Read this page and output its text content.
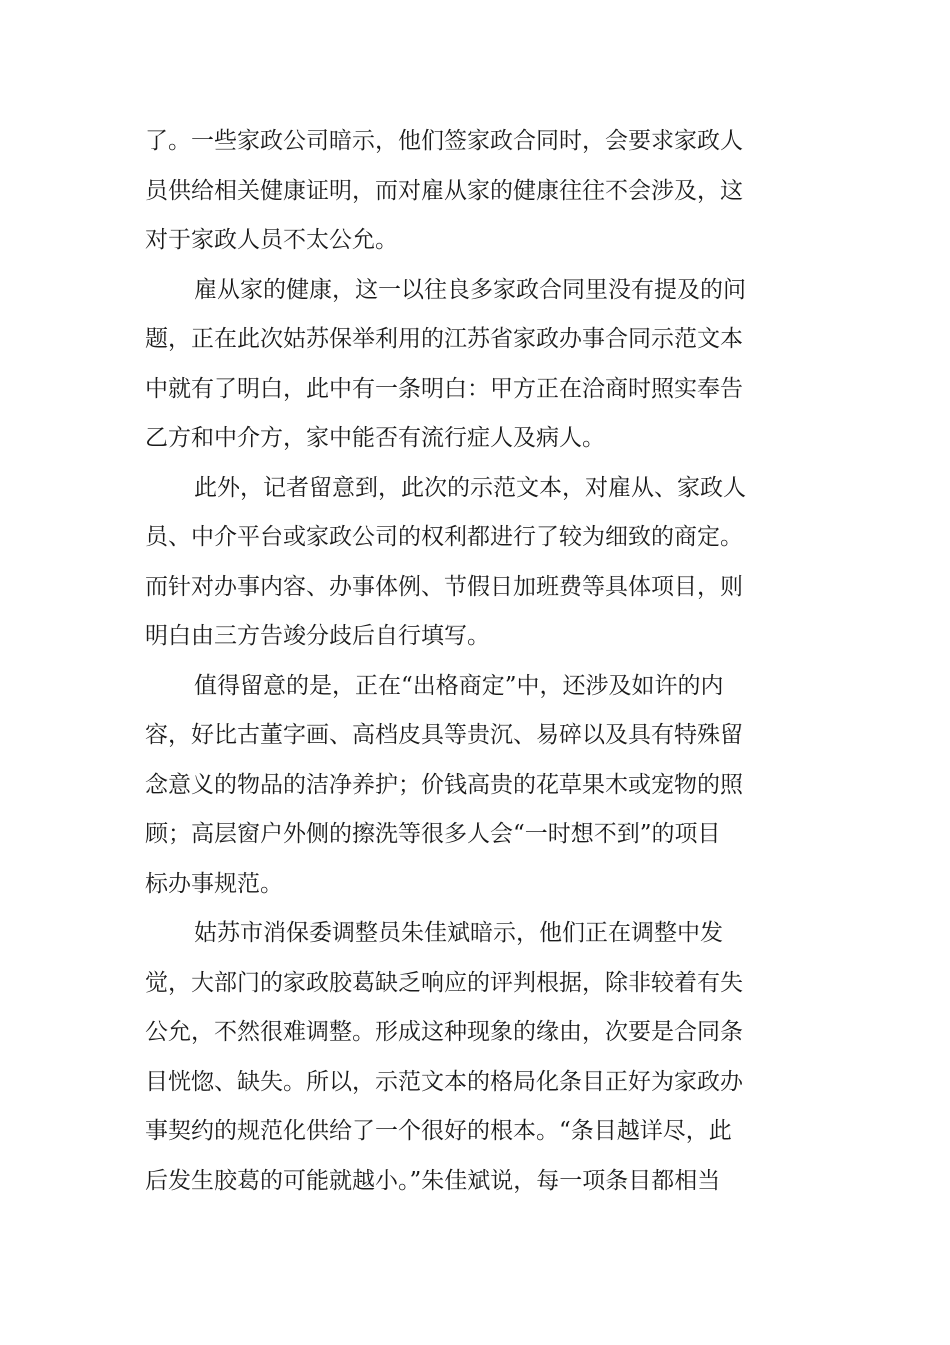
了。一些家政公司暗示，他们签家政合同时，会要求家政人
员供给相关健康证明，而对雇从家的健康往往不会涉及，这
对于家政人员不太公允。
雇从家的健康，这一以往良多家政合同里没有提及的问
题，正在此次姑苏保举利用的江苏省家政办事合同示范文本
中就有了明白，此中有一条明白：甲方正在洽商时照实奉告
乙方和中介方，家中能否有流行症人及病人。
此外，记者留意到，此次的示范文本，对雇从、家政人
员、中介平台或家政公司的权利都进行了较为细致的商定。
而针对办事内容、办事体例、节假日加班费等具体项目，则
明白由三方告竣分歧后自行填写。
值得留意的是，正在“出格商定”中，还涉及如许的内
容，好比古董字画、高档皮具等贵沉、易碎以及具有特殊留
念意义的物品的洁净养护；价钱高贵的花草果木或宠物的照
顾；高层窗户外侧的擦洗等很多人会“一时想不到”的项目
标办事规范。
姑苏市消保委调整员朱佳斌暗示，他们正在调整中发
觉，大部门的家政胶葛缺乏响应的评判根据，除非较着有失
公允，不然很难调整。形成这种现象的缘由，次要是合同条
目恍惚、缺失。所以，示范文本的格局化条目正好为家政办
事契约的规范化供给了一个很好的根本。“条目越详尽，此
后发生胶葛的可能就越小。”朱佳斌说，每一项条目都相当
